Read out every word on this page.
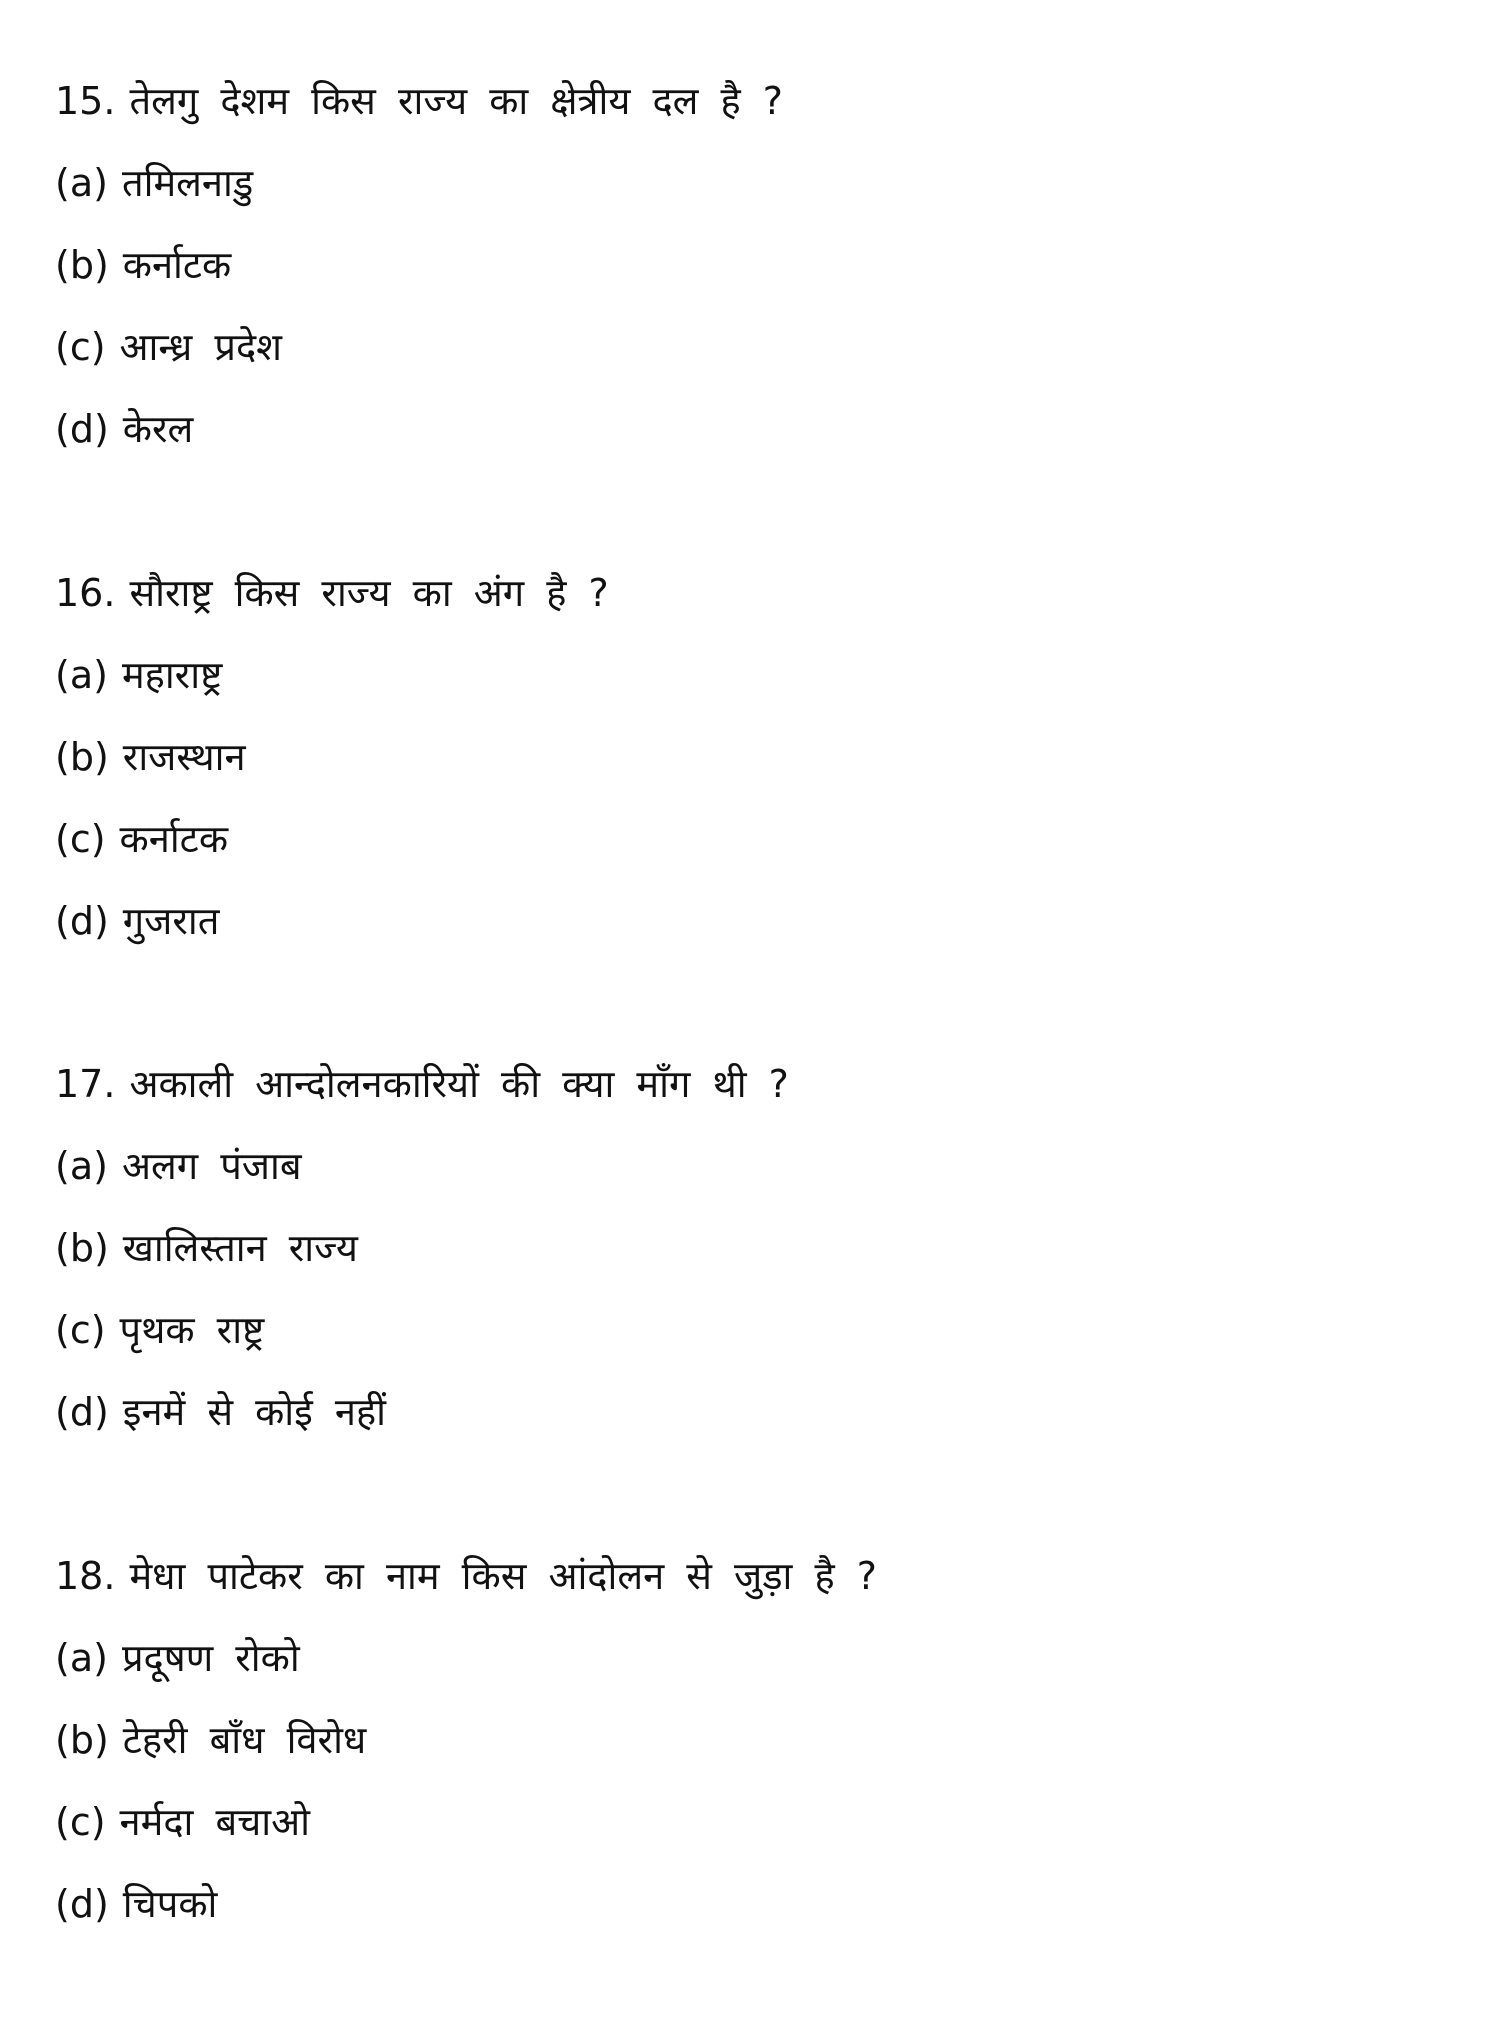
15. तेलगु देशम किस राज्य का क्षेत्रीय दल है ?
(a) तमिलनाडु
(b) कर्नाटक
(c) आन्ध्र प्रदेश
(d) केरल
16. सौराष्ट्र किस राज्य का अंग है ?
(a) महाराष्ट्र
(b) राजस्थान
(c) कर्नाटक
(d) गुजरात
17. अकाली आन्दोलनकारियों की क्या माँग थी ?
(a) अलग पंजाब
(b) खालिस्तान राज्य
(c) पृथक राष्ट्र
(d) इनमें से कोई नहीं
18. मेधा पाटेकर का नाम किस आंदोलन से जुड़ा है ?
(a) प्रदूषण रोको
(b) टेहरी बाँध विरोध
(c) नर्मदा बचाओ
(d) चिपको
